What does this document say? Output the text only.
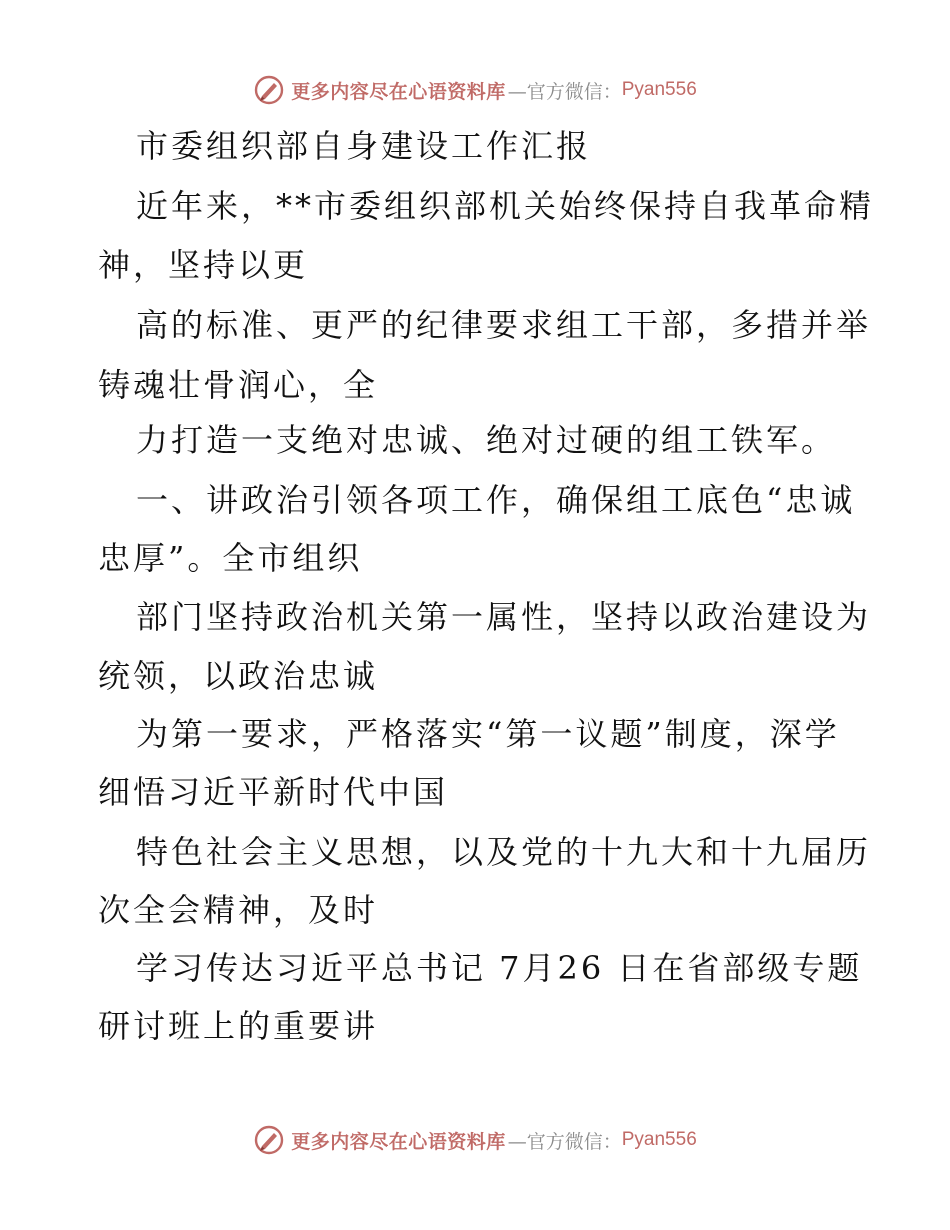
更多内容尽在心语资料库 —官方微信： Pyan556
市委组织部自身建设工作汇报
近年来，**市委组织部机关始终保持自我革命精
神，坚持以更
高的标准、更严的纪律要求组工干部，多措并举
铸魂壮骨润心，全
力打造一支绝对忠诚、绝对过硬的组工铁军。
一、讲政治引领各项工作，确保组工底色“忠诚
忠厚”。全市组织
部门坚持政治机关第一属性，坚持以政治建设为
统领，以政治忠诚
为第一要求，严格落实“第一议题”制度，深学
细悟习近平新时代中国
特色社会主义思想，以及党的十九大和十九届历
次全会精神，及时
学习传达习近平总书记 7月26 日在省部级专题
研讨班上的重要讲
更多内容尽在心语资料库 —官方微信： Pyan556
